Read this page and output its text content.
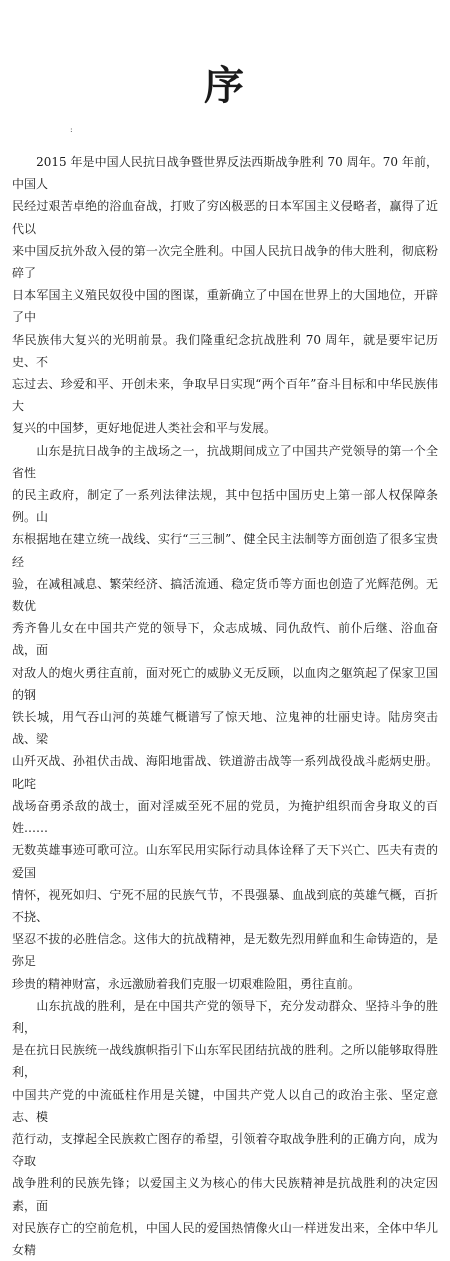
序
:

　　2015 年是中国人民抗日战争暨世界反法西斯战争胜利 70 周年。70 年前，中国人

民经过艰苦卓绝的浴血奋战，打败了穷凶极恶的日本军国主义侵略者，赢得了近代以

来中国反抗外敌入侵的第一次完全胜利。中国人民抗日战争的伟大胜利，彻底粉碎了

日本军国主义殖民奴役中国的图谋，重新确立了中国在世界上的大国地位，开辟了中

华民族伟大复兴的光明前景。我们隆重纪念抗战胜利 70 周年，就是要牢记历史、不

忘过去、珍爱和平、开创未来，争取早日实现“两个百年”奋斗目标和中华民族伟大

复兴的中国梦，更好地促进人类社会和平与发展。

　　山东是抗日战争的主战场之一，抗战期间成立了中国共产党领导的第一个全省性

的民主政府，制定了一系列法律法规，其中包括中国历史上第一部人权保障条例。山

东根据地在建立统一战线、实行“三三制”、健全民主法制等方面创造了很多宝贵经

验，在减租减息、繁荣经济、搞活流通、稳定货币等方面也创造了光辉范例。无数优

秀齐鲁儿女在中国共产党的领导下，众志成城、同仇敌忾、前仆后继、浴血奋战，面

对敌人的炮火勇往直前，面对死亡的威胁义无反顾，以血肉之躯筑起了保家卫国的钢

铁长城，用气吞山河的英雄气概谱写了惊天地、泣鬼神的壮丽史诗。陆房突击战、梁

山歼灭战、孙祖伏击战、海阳地雷战、铁道游击战等一系列战役战斗彪炳史册。叱咤

战场奋勇杀敌的战士，面对淫威至死不屈的党员，为掩护组织而舍身取义的百姓……

无数英雄事迹可歌可泣。山东军民用实际行动具体诠释了天下兴亡、匹夫有责的爱国

情怀，视死如归、宁死不屈的民族气节，不畏强暴、血战到底的英雄气概，百折不挠、

坚忍不拔的必胜信念。这伟大的抗战精神，是无数先烈用鲜血和生命铸造的，是弥足

珍贵的精神财富，永远激励着我们克服一切艰难险阻，勇往直前。

　　山东抗战的胜利，是在中国共产党的领导下，充分发动群众、坚持斗争的胜利，

是在抗日民族统一战线旗帜指引下山东军民团结抗战的胜利。之所以能够取得胜利，

中国共产党的中流砥柱作用是关键，中国共产党人以自己的政治主张、坚定意志、模

范行动，支撑起全民族救亡图存的希望，引领着夺取战争胜利的正确方向，成为夺取

战争胜利的民族先锋；以爱国主义为核心的伟大民族精神是抗战胜利的决定因素，面

对民族存亡的空前危机，中国人民的爱国热情像火山一样迸发出来，全体中华儿女精
